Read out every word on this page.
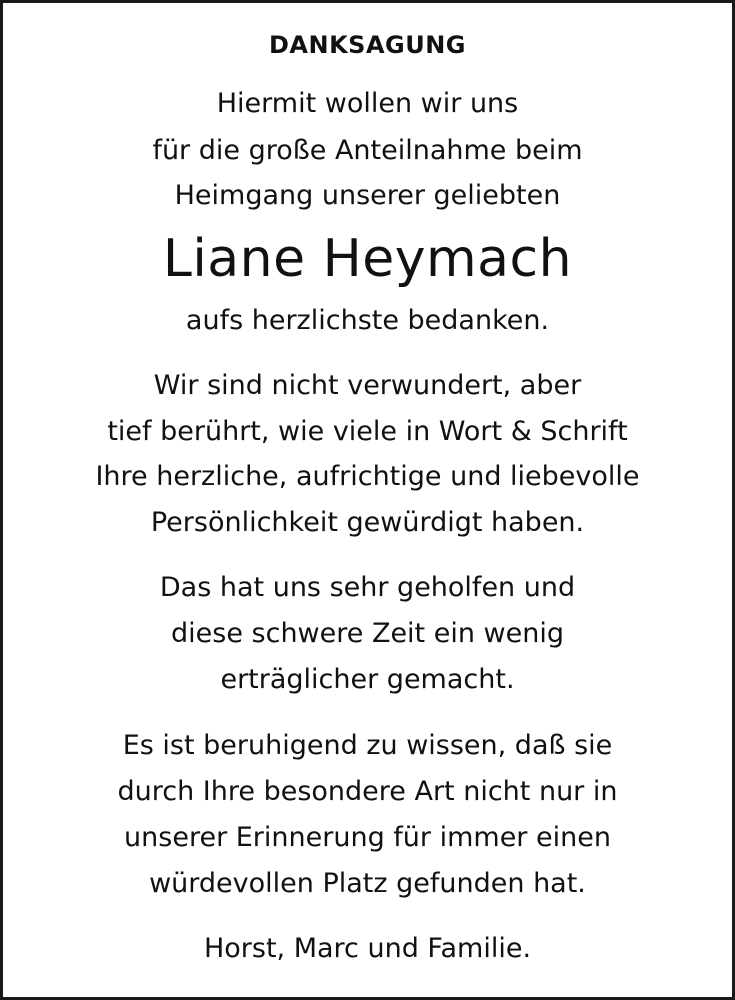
DANKSAGUNG
Hiermit wollen wir uns
für die große Anteilnahme beim
Heimgang unserer geliebten
Liane Heymach
aufs herzlichste bedanken.
Wir sind nicht verwundert, aber
tief berührt, wie viele in Wort & Schrift
Ihre herzliche, aufrichtige und liebevolle
Persönlichkeit gewürdigt haben.
Das hat uns sehr geholfen und
diese schwere Zeit ein wenig
erträglicher gemacht.
Es ist beruhigend zu wissen, daß sie
durch Ihre besondere Art nicht nur in
unserer Erinnerung für immer einen
würdevollen Platz gefunden hat.
Horst, Marc und Familie.
